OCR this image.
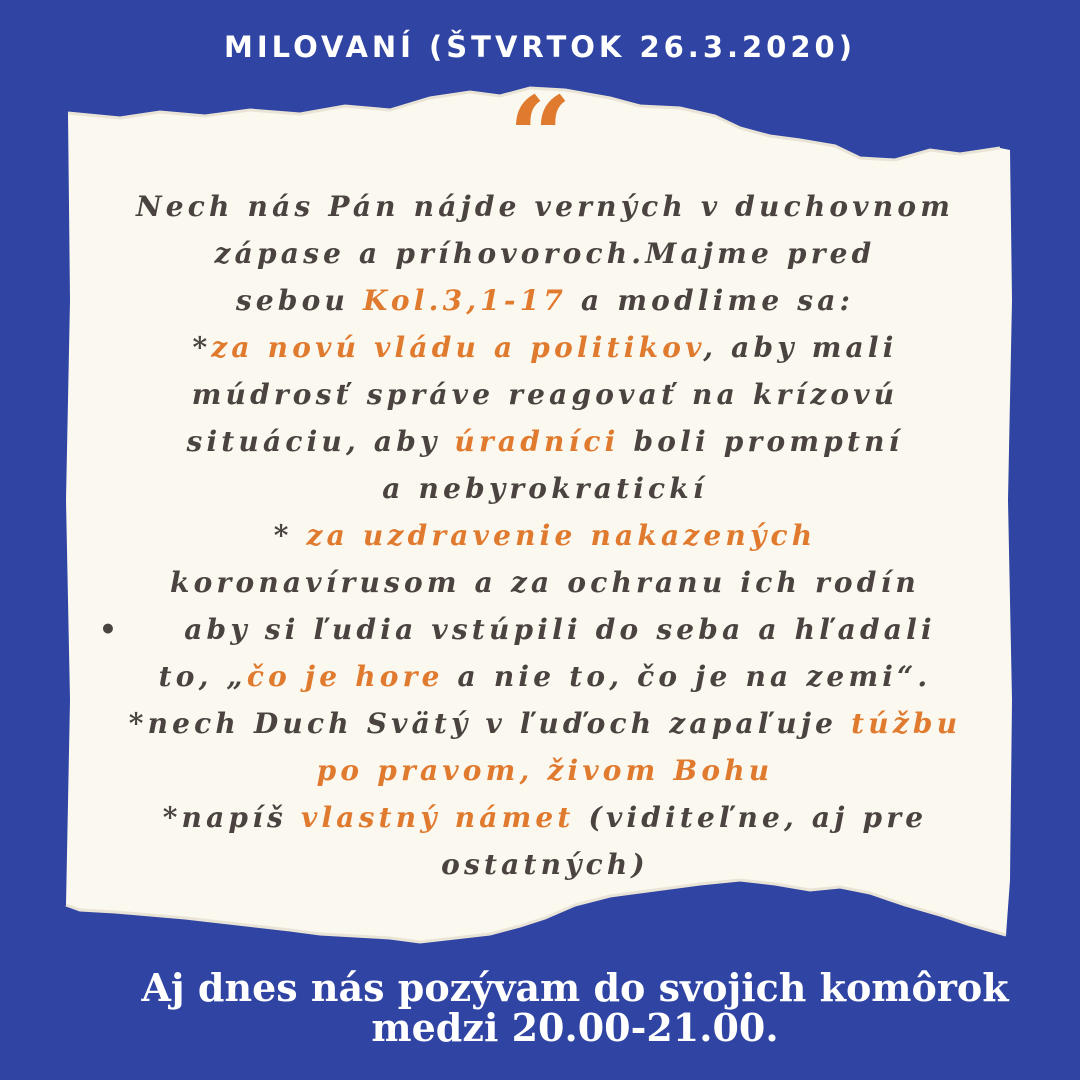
MILOVANÍ (ŠTVRTOK 26.3.2020)
“
Nech nás Pán nájde verných v duchovnom
zápase a príhovoroch.Majme pred
sebou Kol.3,1-17 a modlime sa:
*za novú vládu a politikov, aby mali
múdrosť správe reagovať na krízovú
situáciu, aby úradníci boli promptní
a nebyrokratickí
* za uzdravenie nakazených
koronavírusom a za ochranu ich rodín
• aby si ľudia vstúpili do seba a hľadali
to, „čo je hore a nie to, čo je na zemi“.
*nech Duch Svätý v ľuďoch zapaľuje túžbu
po pravom, živom Bohu
*napíš vlastný námet (viditeľne, aj pre
ostatných)
Aj dnes nás pozývam do svojich komôrok
medzi 20.00-21.00.
